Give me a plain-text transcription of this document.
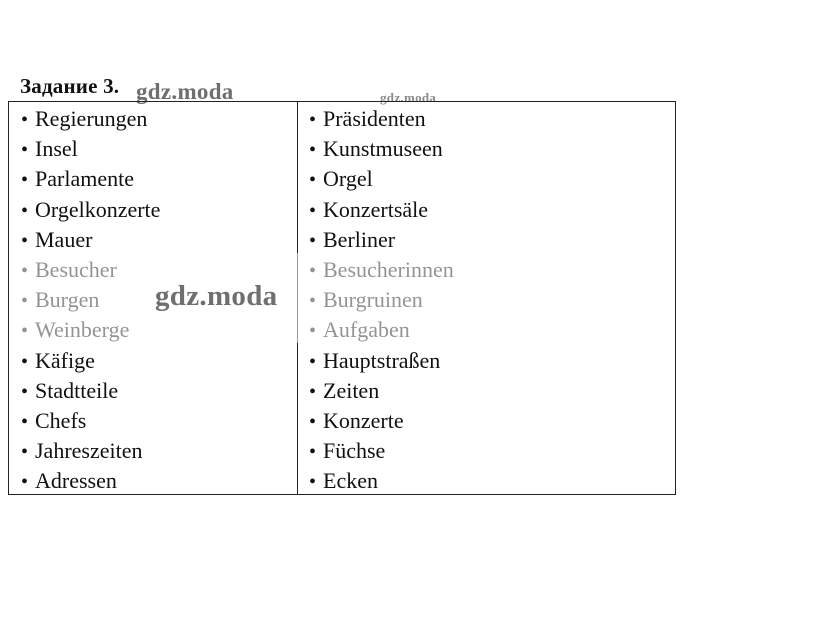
Задание 3. gdz.moda	gdz.moda
• Regierungen
• Insel
• Parlamente
• Orgelkonzerte
• Mauer
• Käfige
• Stadtteile
• Chefs
• Jahreszeiten
• Adressen
• Präsidenten
• Kunstmuseen
• Orgel
• Konzertsäle
• Berliner
• Hauptstraßen
• Zeiten
• Konzerte
• Füchse
• Ecken
gdz.moda
